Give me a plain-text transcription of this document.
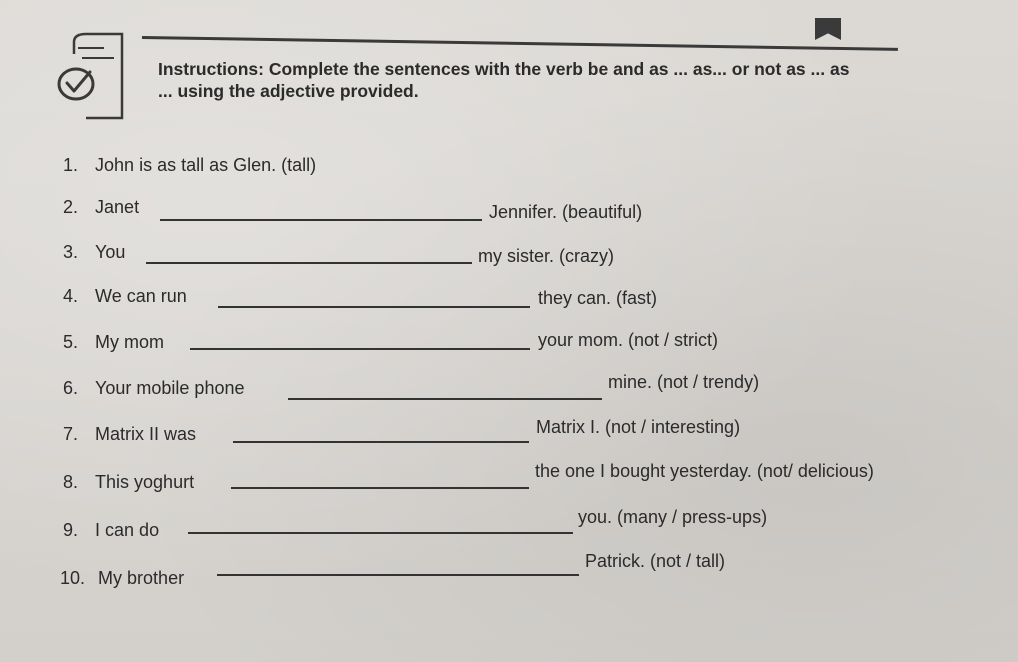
Instructions: Complete the sentences with the verb be and as ... as... or not as ... as
... using the adjective provided.

1. John is as tall as Glen. (tall)
2. Janet	Jennifer. (beautiful)
3. You	my sister. (crazy)
4. We can run	they can. (fast)
5. My mom	your mom. (not / strict)
6. Your mobile phone	mine. (not / trendy)
7. Matrix II was	Matrix I. (not / interesting)
8. This yoghurt
the one I bought yesterday. (not/ delicious)
9. I can do
you. (many / press-ups)
10. My brother
Patrick. (not / tall)
